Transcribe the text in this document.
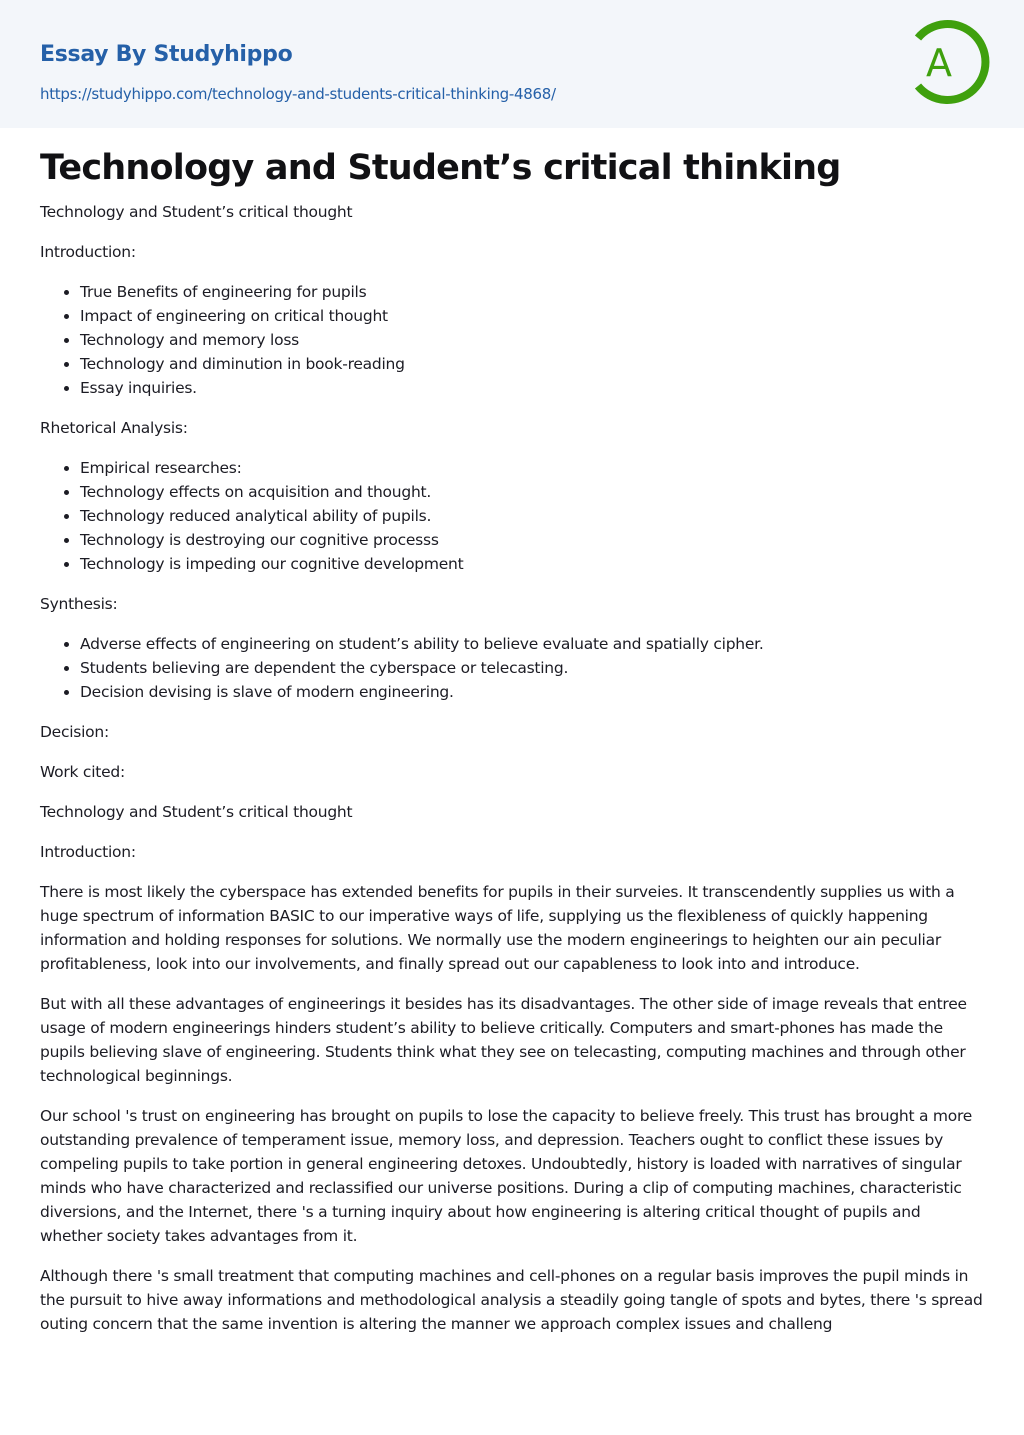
Essay By Studyhippo
https://studyhippo.com/technology-and-students-critical-thinking-4868/
A
Technology and Student’s critical thinking

Technology and Student’s critical thought

Introduction:

• True Benefits of engineering for pupils
• Impact of engineering on critical thought
• Technology and memory loss
• Technology and diminution in book-reading
• Essay inquiries.

Rhetorical Analysis:

• Empirical researches:
• Technology effects on acquisition and thought.
• Technology reduced analytical ability of pupils.
• Technology is destroying our cognitive processs
• Technology is impeding our cognitive development

Synthesis:

• Adverse effects of engineering on student’s ability to believe evaluate and spatially cipher.
• Students believing are dependent the cyberspace or telecasting.
• Decision devising is slave of modern engineering.

Decision:

Work cited:

Technology and Student’s critical thought

Introduction:

There is most likely the cyberspace has extended benefits for pupils in their surveies. It transcendently supplies us with a huge spectrum of information BASIC to our imperative ways of life, supplying us the flexibleness of quickly happening information and holding responses for solutions. We normally use the modern engineerings to heighten our ain peculiar profitableness, look into our involvements, and finally spread out our capableness to look into and introduce.

But with all these advantages of engineerings it besides has its disadvantages. The other side of image reveals that entree usage of modern engineerings hinders student’s ability to believe critically. Computers and smart-phones has made the pupils believing slave of engineering. Students think what they see on telecasting, computing machines and through other technological beginnings.

Our school 's trust on engineering has brought on pupils to lose the capacity to believe freely. This trust has brought a more outstanding prevalence of temperament issue, memory loss, and depression. Teachers ought to conflict these issues by compeling pupils to take portion in general engineering detoxes. Undoubtedly, history is loaded with narratives of singular minds who have characterized and reclassified our universe positions. During a clip of computing machines, characteristic diversions, and the Internet, there 's a turning inquiry about how engineering is altering critical thought of pupils and whether society takes advantages from it.

Although there 's small treatment that computing machines and cell-phones on a regular basis improves the pupil minds in the pursuit to hive away informations and methodological analysis a steadily going tangle of spots and bytes, there 's spread outing concern that the same invention is altering the manner we approach complex issues and challeng
